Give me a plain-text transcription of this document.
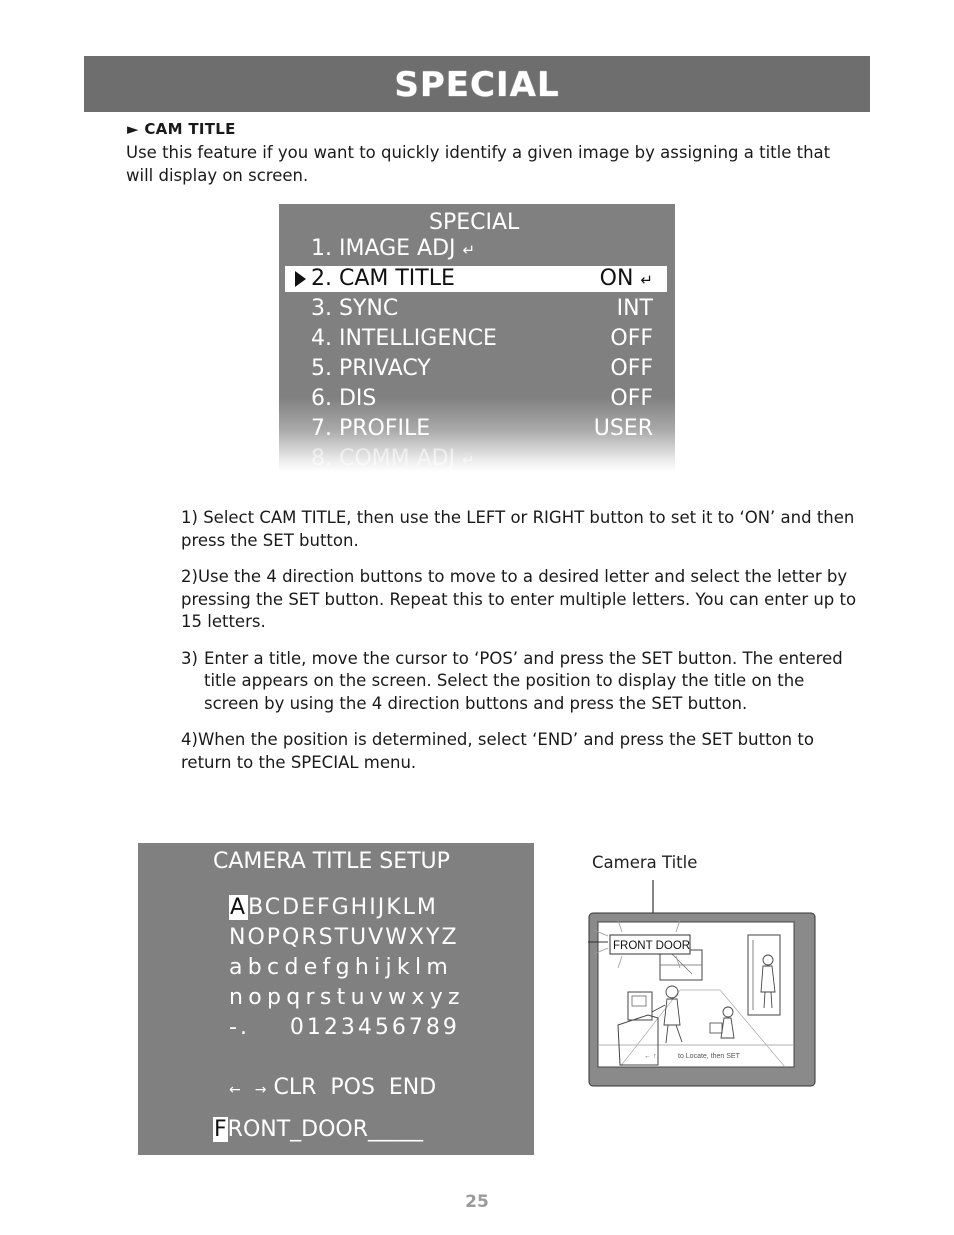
SPECIAL
► CAM TITLE
Use this feature if you want to quickly identify a given image by assigning a title that will display on screen.
SPECIAL
1. IMAGE ADJ ↵
2. CAM TITLE	ON ↵
3. SYNC	INT
4. INTELLIGENCE	OFF
5. PRIVACY	OFF
6. DIS	OFF
7. PROFILE	USER
8. COMM ADJ ↵

1) Select CAM TITLE, then use the LEFT or RIGHT button to set it to ‘ON’ and then press the SET button.

2)Use the 4 direction buttons to move to a desired letter and select the letter by pressing the SET button. Repeat this to enter multiple letters. You can enter up to 15 letters.

3) Enter a title, move the cursor to ‘POS’ and press the SET button. The entered title appears on the screen. Select the position to display the title on the screen by using the 4 direction buttons and press the SET button.

4)When the position is determined, select ‘END’ and press the SET button to return to the SPECIAL menu.

CAMERA TITLE SETUP
ABCDEFGHIJKLM
NOPQRSTUVWXYZ
abcdefghijklm
nopqrstuvwxyz
-.    0123456789
← → CLR  POS  END
FRONT_DOOR_____
Camera Title
FRONT DOOR
← ↑↓	to Locate, then SET
25
